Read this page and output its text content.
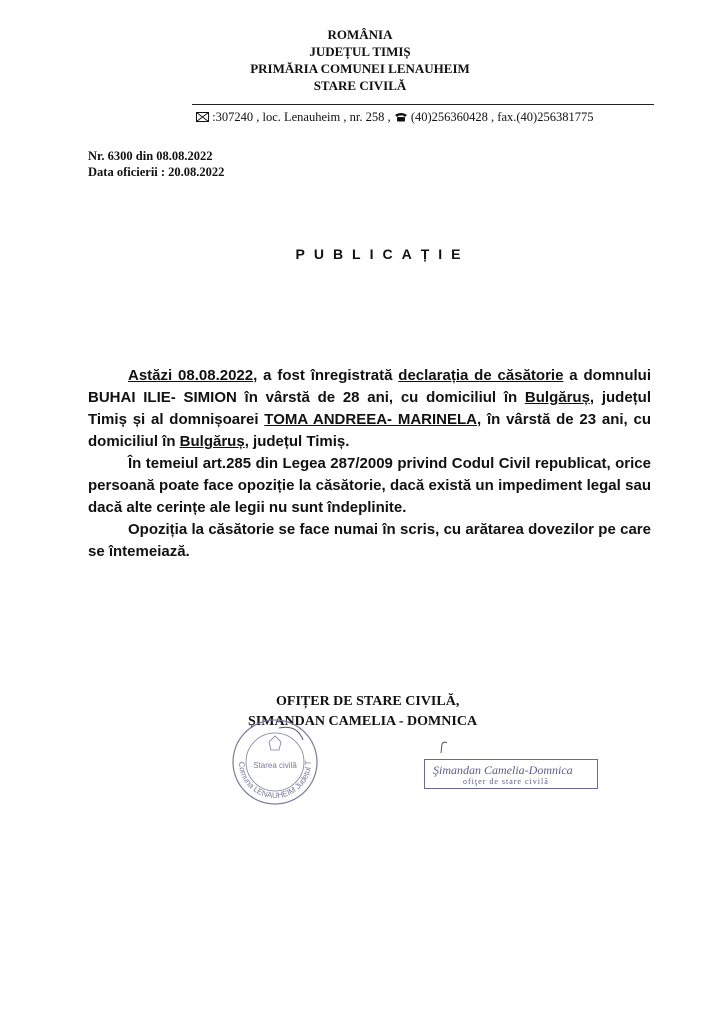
ROMÂNIA
JUDEȚUL TIMIȘ
PRIMĂRIA COMUNEI LENAUHEIM
STARE CIVILĂ
:307240 , loc. Lenauheim , nr. 258 , (40)256360428 , fax.(40)256381775
Nr. 6300 din 08.08.2022
Data oficierii : 20.08.2022
PUBLICAȚIE

Astăzi 08.08.2022, a fost înregistrată declarația de căsătorie a domnului BUHAI ILIE- SIMION în vârstă de 28 ani, cu domiciliul în Bulgăruș, județul Timiș și al domnișoarei TOMA ANDREEA- MARINELA, în vârstă de 23 ani, cu domiciliul în Bulgăruș, județul Timiș.

În temeiul art.285 din Legea 287/2009 privind Codul Civil republicat, orice persoană poate face opoziție la căsătorie, dacă există un impediment legal sau dacă alte cerințe ale legii nu sunt îndeplinite.

Opoziția la căsătorie se face numai în scris, cu arătarea dovezilor pe care se întemeiază.

OFIȚER DE STARE CIVILĂ,
ȘIMANDAN CAMELIA - DOMNICA
Comuna LENAUHEIM Județul T
Starea civilă	Şimandan Camelia-Domnica
ofiţer de stare civilă
